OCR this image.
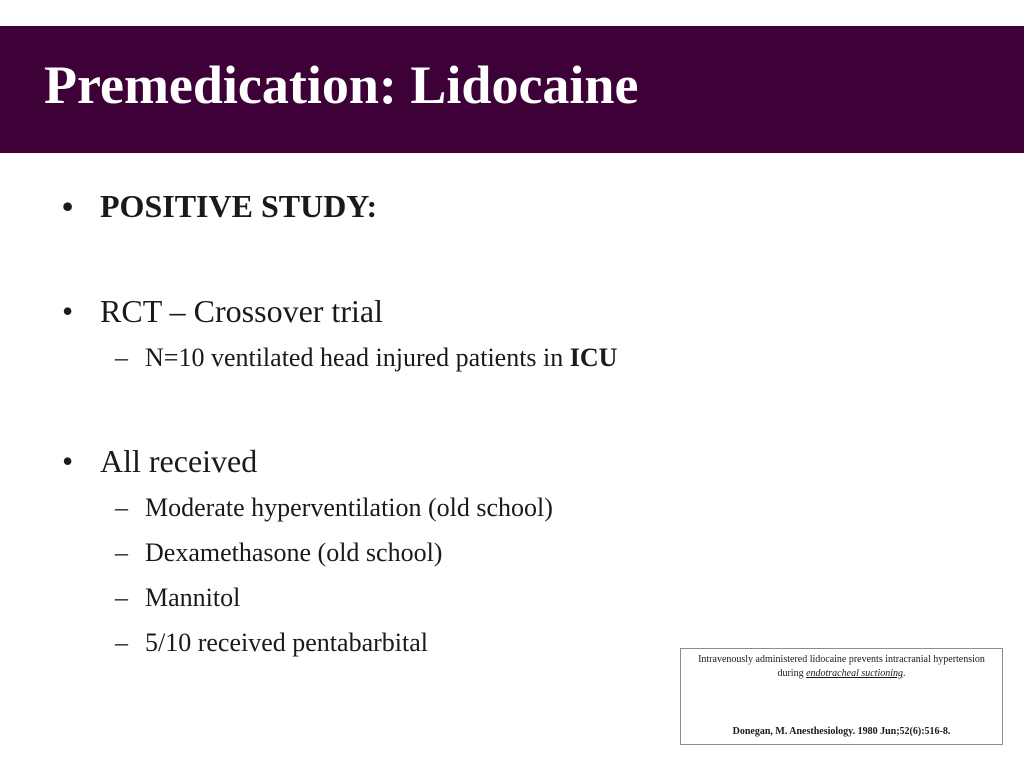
Premedication: Lidocaine
• POSITIVE STUDY:
• RCT – Crossover trial
– N=10 ventilated head injured patients in ICU
• All received
– Moderate hyperventilation (old school)
– Dexamethasone (old school)
– Mannitol
– 5/10 received pentabarbital
Intravenously administered lidocaine prevents intracranial hypertension during endotracheal suctioning.
Donegan, M. Anesthesiology. 1980 Jun;52(6):516-8.
